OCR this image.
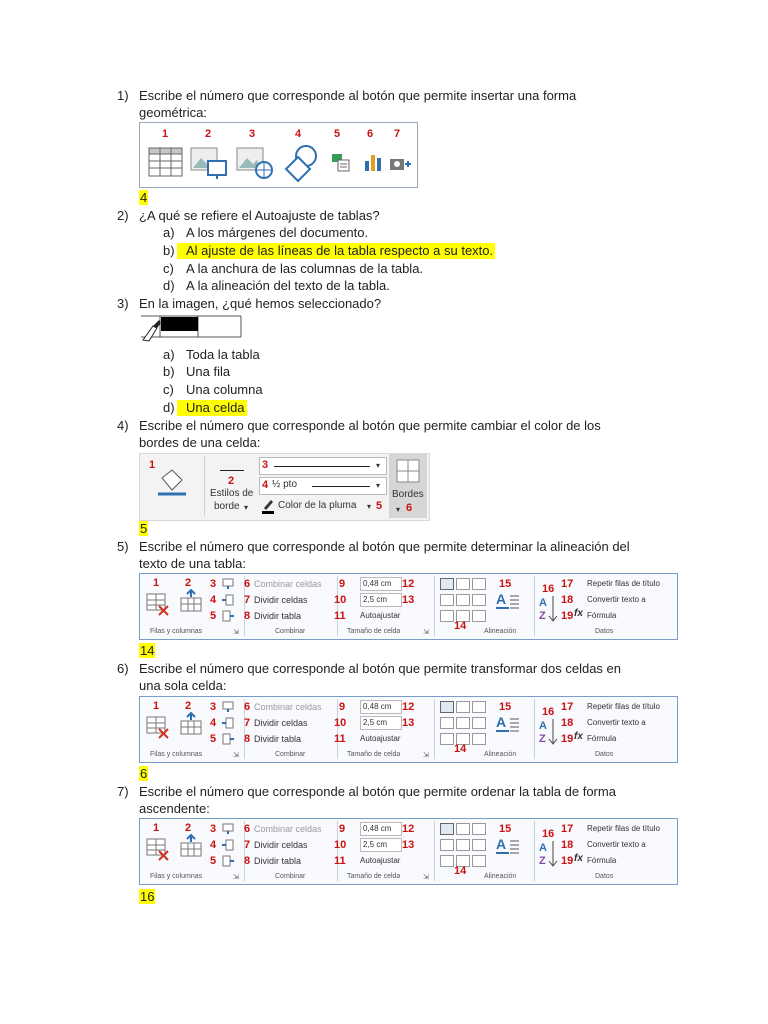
1) Escribe el número que corresponde al botón que permite insertar una forma
geométrica:
1	2	3	4	5 6 7
4
2) ¿A qué se refiere el Autoajuste de tablas?
a) A los márgenes del documento.
b) Al ajuste de las líneas de la tabla respecto a su texto.
c) A la anchura de las columnas de la tabla.
d) A la alineación del texto de la tabla.
3) En la imagen, ¿qué hemos seleccionado?
a) Toda la tabla
b) Una fila
c) Una columna
d) Una celda
4) Escribe el número que corresponde al botón que permite cambiar el color de los
bordes de una celda:
1
2
Estilos de
borde ▾
3	▾
4 ½ pto	▾
Color de la pluma ▾ 5
Bordes
▾ 6
5
5) Escribe el número que corresponde al botón que permite determinar la alineación del
texto de una tabla:
1 2 3
4
5
Filas y columnas	⇲
6 Combinar celdas
7 Dividir celdas
8 Dividir tabla
Combinar
9 0,48 cm 12
10 2,5 cm 13
11 Autoajustar
Tamaño de celda	⇲
14
15
A
Alineación
16
A
Z
17 Repetir filas de título
18 Convertir texto a
19 fx Fórmula
Datos
14
6) Escribe el número que corresponde al botón que permite transformar dos celdas en
una sola celda:
1 2 3
4
5
Filas y columnas	⇲
6 Combinar celdas
7 Dividir celdas
8 Dividir tabla
Combinar
9 0,48 cm 12
10 2,5 cm 13
11 Autoajustar
Tamaño de celda	⇲
14
15
A
Alineación
16
A
Z
17 Repetir filas de título
18 Convertir texto a
19 fx Fórmula
Datos
6
7) Escribe el número que corresponde al botón que permite ordenar la tabla de forma
ascendente:
1 2 3
4
5
Filas y columnas	⇲
6 Combinar celdas
7 Dividir celdas
8 Dividir tabla
Combinar
9 0,48 cm 12
10 2,5 cm 13
11 Autoajustar
Tamaño de celda	⇲
14
15
A
Alineación
16
A
Z
17 Repetir filas de título
18 Convertir texto a
19 fx Fórmula
Datos
16
